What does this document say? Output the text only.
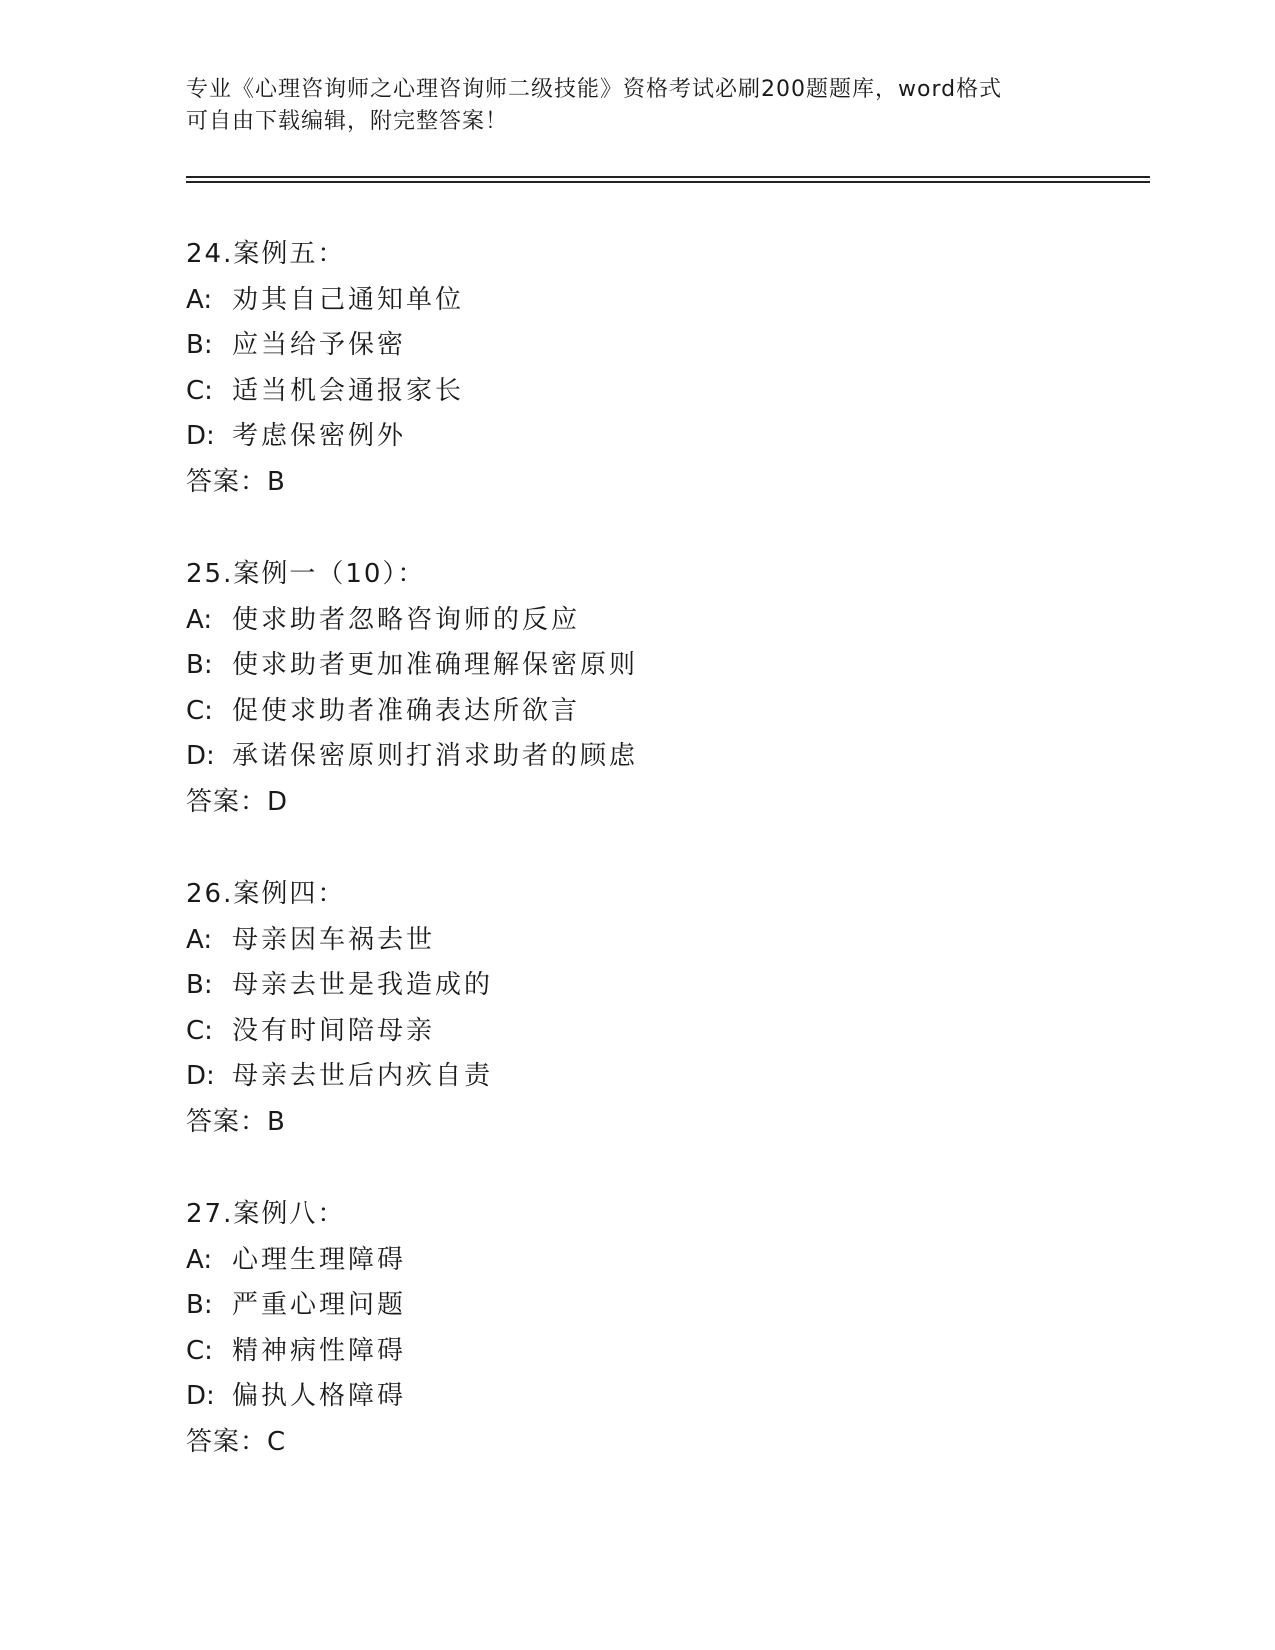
专业《心理咨询师之心理咨询师二级技能》资格考试必刷200题题库，word格式
可自由下载编辑，附完整答案！
24.案例五：
A: 劝其自己通知单位
B: 应当给予保密
C: 适当机会通报家长
D: 考虑保密例外
答案：B
25.案例一（10）：
A: 使求助者忽略咨询师的反应
B: 使求助者更加准确理解保密原则
C: 促使求助者准确表达所欲言
D: 承诺保密原则打消求助者的顾虑
答案：D
26.案例四：
A: 母亲因车祸去世
B: 母亲去世是我造成的
C: 没有时间陪母亲
D: 母亲去世后内疚自责
答案：B
27.案例八：
A: 心理生理障碍
B: 严重心理问题
C: 精神病性障碍
D: 偏执人格障碍
答案：C
